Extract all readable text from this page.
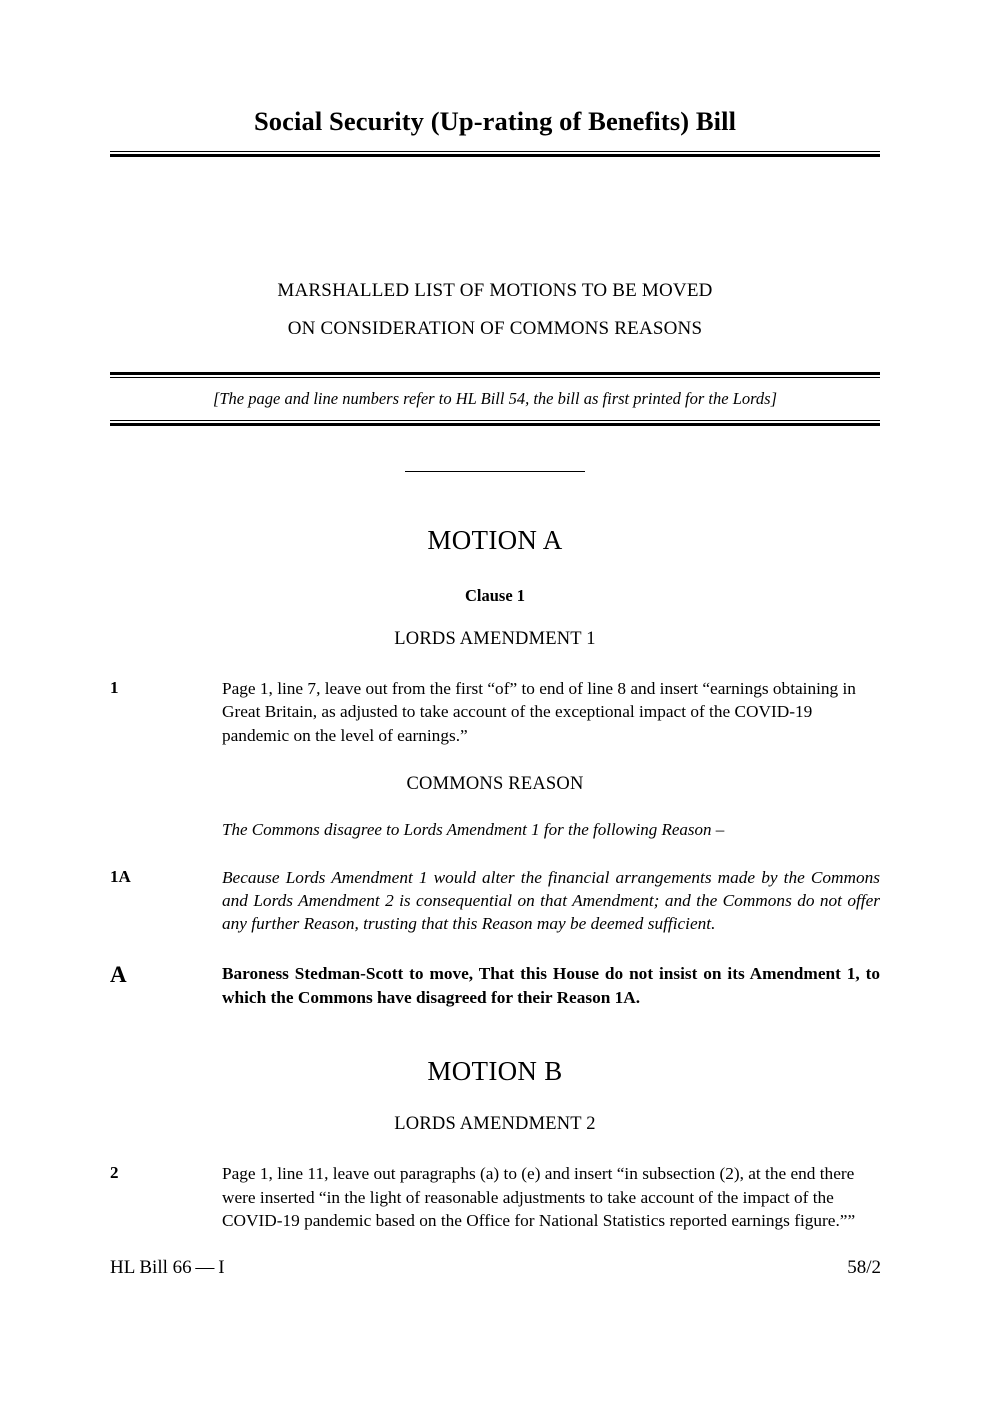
Social Security (Up-rating of Benefits) Bill
MARSHALLED LIST OF MOTIONS TO BE MOVED
ON CONSIDERATION OF COMMONS REASONS
[The page and line numbers refer to HL Bill 54, the bill as first printed for the Lords]
MOTION A
Clause 1
LORDS AMENDMENT 1
1	Page 1, line 7, leave out from the first “of” to end of line 8 and insert “earnings obtaining in Great Britain, as adjusted to take account of the exceptional impact of the COVID-19 pandemic on the level of earnings.”
COMMONS REASON
The Commons disagree to Lords Amendment 1 for the following Reason –
1A	Because Lords Amendment 1 would alter the financial arrangements made by the Commons and Lords Amendment 2 is consequential on that Amendment; and the Commons do not offer any further Reason, trusting that this Reason may be deemed sufficient.
A	Baroness Stedman-Scott to move, That this House do not insist on its Amendment 1, to which the Commons have disagreed for their Reason 1A.
MOTION B
LORDS AMENDMENT 2
2	Page 1, line 11, leave out paragraphs (a) to (e) and insert “in subsection (2), at the end there were inserted “in the light of reasonable adjustments to take account of the impact of the COVID-19 pandemic based on the Office for National Statistics reported earnings figure.””
HL Bill 66 — I	58/2
